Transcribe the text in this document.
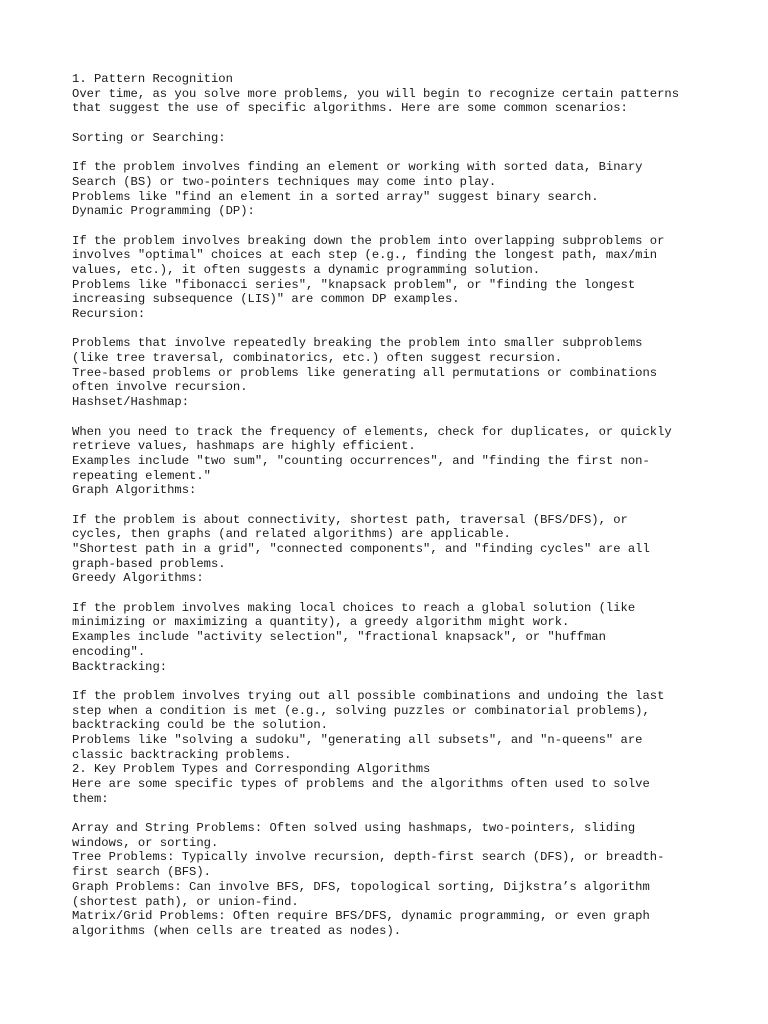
1. Pattern Recognition
Over time, as you solve more problems, you will begin to recognize certain patterns
that suggest the use of specific algorithms. Here are some common scenarios:
Sorting or Searching:
If the problem involves finding an element or working with sorted data, Binary
Search (BS) or two-pointers techniques may come into play.
Problems like "find an element in a sorted array" suggest binary search.
Dynamic Programming (DP):
If the problem involves breaking down the problem into overlapping subproblems or
involves "optimal" choices at each step (e.g., finding the longest path, max/min
values, etc.), it often suggests a dynamic programming solution.
Problems like "fibonacci series", "knapsack problem", or "finding the longest
increasing subsequence (LIS)" are common DP examples.
Recursion:
Problems that involve repeatedly breaking the problem into smaller subproblems
(like tree traversal, combinatorics, etc.) often suggest recursion.
Tree-based problems or problems like generating all permutations or combinations
often involve recursion.
Hashset/Hashmap:
When you need to track the frequency of elements, check for duplicates, or quickly
retrieve values, hashmaps are highly efficient.
Examples include "two sum", "counting occurrences", and "finding the first non-
repeating element."
Graph Algorithms:
If the problem is about connectivity, shortest path, traversal (BFS/DFS), or
cycles, then graphs (and related algorithms) are applicable.
"Shortest path in a grid", "connected components", and "finding cycles" are all
graph-based problems.
Greedy Algorithms:
If the problem involves making local choices to reach a global solution (like
minimizing or maximizing a quantity), a greedy algorithm might work.
Examples include "activity selection", "fractional knapsack", or "huffman
encoding".
Backtracking:
If the problem involves trying out all possible combinations and undoing the last
step when a condition is met (e.g., solving puzzles or combinatorial problems),
backtracking could be the solution.
Problems like "solving a sudoku", "generating all subsets", and "n-queens" are
classic backtracking problems.
2. Key Problem Types and Corresponding Algorithms
Here are some specific types of problems and the algorithms often used to solve
them:
Array and String Problems: Often solved using hashmaps, two-pointers, sliding
windows, or sorting.
Tree Problems: Typically involve recursion, depth-first search (DFS), or breadth-
first search (BFS).
Graph Problems: Can involve BFS, DFS, topological sorting, Dijkstra’s algorithm
(shortest path), or union-find.
Matrix/Grid Problems: Often require BFS/DFS, dynamic programming, or even graph
algorithms (when cells are treated as nodes).
